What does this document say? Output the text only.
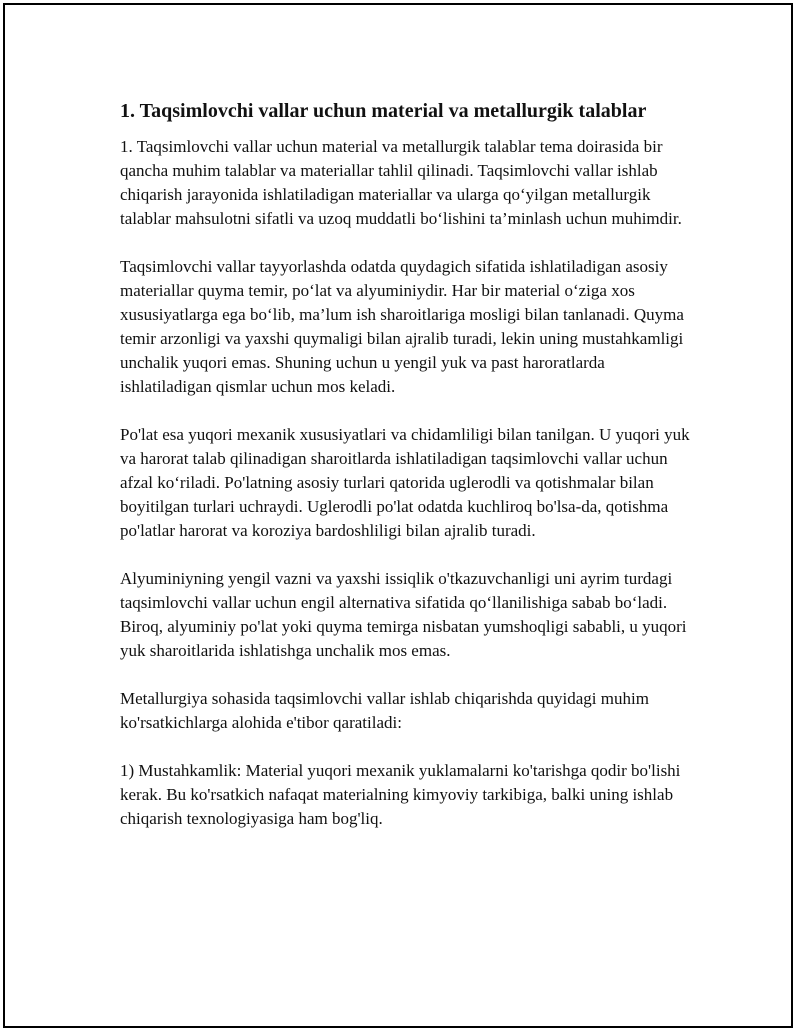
1. Taqsimlovchi vallar uchun material va metallurgik talablar

1. Taqsimlovchi vallar uchun material va metallurgik talablar tema doirasida bir qancha muhim talablar va materiallar tahlil qilinadi. Taqsimlovchi vallar ishlab chiqarish jarayonida ishlatiladigan materiallar va ularga qo‘yilgan metallurgik talablar mahsulotni sifatli va uzoq muddatli bo‘lishini ta’minlash uchun muhimdir.

Taqsimlovchi vallar tayyorlashda odatda quydagich sifatida ishlatiladigan asosiy materiallar quyma temir, po‘lat va alyuminiydir. Har bir material o‘ziga xos xususiyatlarga ega bo‘lib, ma’lum ish sharoitlariga mosligi bilan tanlanadi. Quyma temir arzonligi va yaxshi quymaligi bilan ajralib turadi, lekin uning mustahkamligi unchalik yuqori emas. Shuning uchun u yengil yuk va past haroratlarda ishlatiladigan qismlar uchun mos keladi.

Po'lat esa yuqori mexanik xususiyatlari va chidamliligi bilan tanilgan. U yuqori yuk va harorat talab qilinadigan sharoitlarda ishlatiladigan taqsimlovchi vallar uchun afzal ko‘riladi. Po'latning asosiy turlari qatorida uglerodli va qotishmalar bilan boyitilgan turlari uchraydi. Uglerodli po'lat odatda kuchliroq bo'lsa-da, qotishma po'latlar harorat va koroziya bardoshliligi bilan ajralib turadi.

Alyuminiyning yengil vazni va yaxshi issiqlik o'tkazuvchanligi uni ayrim turdagi taqsimlovchi vallar uchun engil alternativa sifatida qo‘llanilishiga sabab bo‘ladi. Biroq, alyuminiy po'lat yoki quyma temirga nisbatan yumshoqligi sababli, u yuqori yuk sharoitlarida ishlatishga unchalik mos emas.

Metallurgiya sohasida taqsimlovchi vallar ishlab chiqarishda quyidagi muhim ko'rsatkichlarga alohida e'tibor qaratiladi:

1) Mustahkamlik: Material yuqori mexanik yuklamalarni ko'tarishga qodir bo'lishi kerak. Bu ko'rsatkich nafaqat materialning kimyoviy tarkibiga, balki uning ishlab chiqarish texnologiyasiga ham bog'liq.
